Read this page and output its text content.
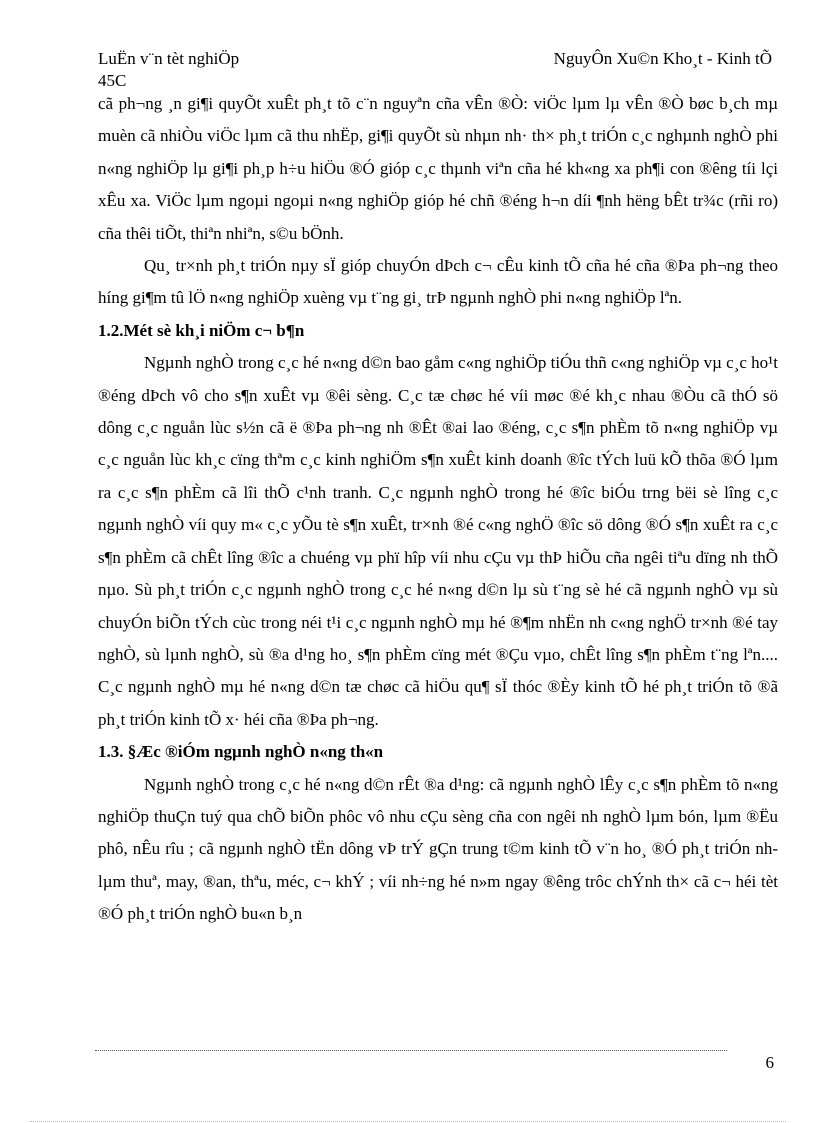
LuËn v¨n tèt nghiÖp
45C
NguyÔn Xu©n Kho¸t - Kinh tÕ

cã ph¬ng ¸n gi¶i quyÕt xuÊt ph¸t tõ c¨n nguyªn cña vÊn ®Ò: viÖc lµm lµ vÊn ®Ò bøc b¸ch mµ muèn cã nhiÒu viÖc lµm cã thu nhËp, gi¶i quyÕt sù nhµn nh· th× ph¸t triÓn c¸c nghµnh nghÒ phi n«ng nghiÖp lµ gi¶i ph¸p h÷u hiÖu ®Ó gióp c¸c thµnh viªn cña hé kh«ng xa ph¶i con ®êng tíi lçi xÊu xa. ViÖc lµm ngoµi ngoµi n«ng nghiÖp gióp hé chñ ®éng h¬n díi ¶nh hëng bÊt tr¾c (rñi ro) cña thêi tiÕt, thiªn nhiªn, s©u bÖnh.

Qu¸ tr×nh ph¸t triÓn nµy sÏ gióp chuyÓn dÞch c¬ cÊu kinh tÕ cña hé cña ®Þa ph¬ng theo híng gi¶m tû lÖ n«ng nghiÖp xuèng vµ t¨ng gi¸ trÞ ngµnh nghÒ phi n«ng nghiÖp lªn.

1.2.Mét sè kh¸i niÖm c¬ b¶n

Ngµnh nghÒ trong c¸c hé n«ng d©n bao gåm c«ng nghiÖp tiÓu thñ c«ng nghiÖp vµ c¸c ho¹t ®éng dÞch vô cho s¶n xuÊt vµ ®êi sèng. C¸c tæ chøc hé víi møc ®é kh¸c nhau ®Òu cã thÓ sö dông c¸c nguån lùc s½n cã ë ®Þa ph¬ng nh ®Êt ®ai lao ®éng, c¸c s¶n phÈm tõ n«ng nghiÖp vµ c¸c nguån lùc kh¸c cïng thªm c¸c kinh nghiÖm s¶n xuÊt kinh doanh ®îc tÝch luü kÕ thõa ®Ó lµm ra c¸c s¶n phÈm cã lîi thÕ c¹nh tranh. C¸c ngµnh nghÒ trong hé ®îc biÓu trng bëi sè lîng c¸c ngµnh nghÒ víi quy m« c¸c yÕu tè s¶n xuÊt, tr×nh ®é c«ng nghÖ ®îc sö dông ®Ó s¶n xuÊt ra c¸c s¶n phÈm cã chÊt lîng ®îc a chuéng vµ phï hîp víi nhu cÇu vµ thÞ hiÕu cña ngêi tiªu dïng nh thÕ nµo. Sù ph¸t triÓn c¸c ngµnh nghÒ trong c¸c hé n«ng d©n lµ sù t¨ng sè hé cã ngµnh nghÒ vµ sù chuyÓn biÕn tÝch cùc trong néi t¹i c¸c ngµnh nghÒ mµ hé ®¶m nhËn nh c«ng nghÖ tr×nh ®é tay nghÒ, sù lµnh nghÒ, sù ®a d¹ng ho¸ s¶n phÈm cïng mét ®Çu vµo, chÊt lîng s¶n phÈm t¨ng lªn.... C¸c ngµnh nghÒ mµ hé n«ng d©n tæ chøc cã hiÖu qu¶ sÏ thóc ®Èy kinh tÕ hé ph¸t triÓn tõ ®ã ph¸t triÓn kinh tÕ x· héi cña ®Þa ph¬ng.

1.3. §Æc ®iÓm ngµnh nghÒ n«ng th«n

Ngµnh nghÒ trong c¸c hé n«ng d©n rÊt ®a d¹ng: cã ngµnh nghÒ lÊy c¸c s¶n phÈm tõ n«ng nghiÖp thuÇn tuý qua chÕ biÕn phôc vô nhu cÇu sèng cña con ngêi nh nghÒ lµm bón, lµm ®Ëu phô, nÊu rîu ; cã ngµnh nghÒ tËn dông vÞ trÝ gÇn trung t©m kinh tÕ v¨n ho¸ ®Ó ph¸t triÓn nh lµm thuª, may, ®an, thªu, méc, c¬ khÝ ; víi nh÷ng hé n»m ngay ®êng trôc chÝnh th× cã c¬ héi tèt ®Ó ph¸t triÓn nghÒ bu«n b¸n

6
